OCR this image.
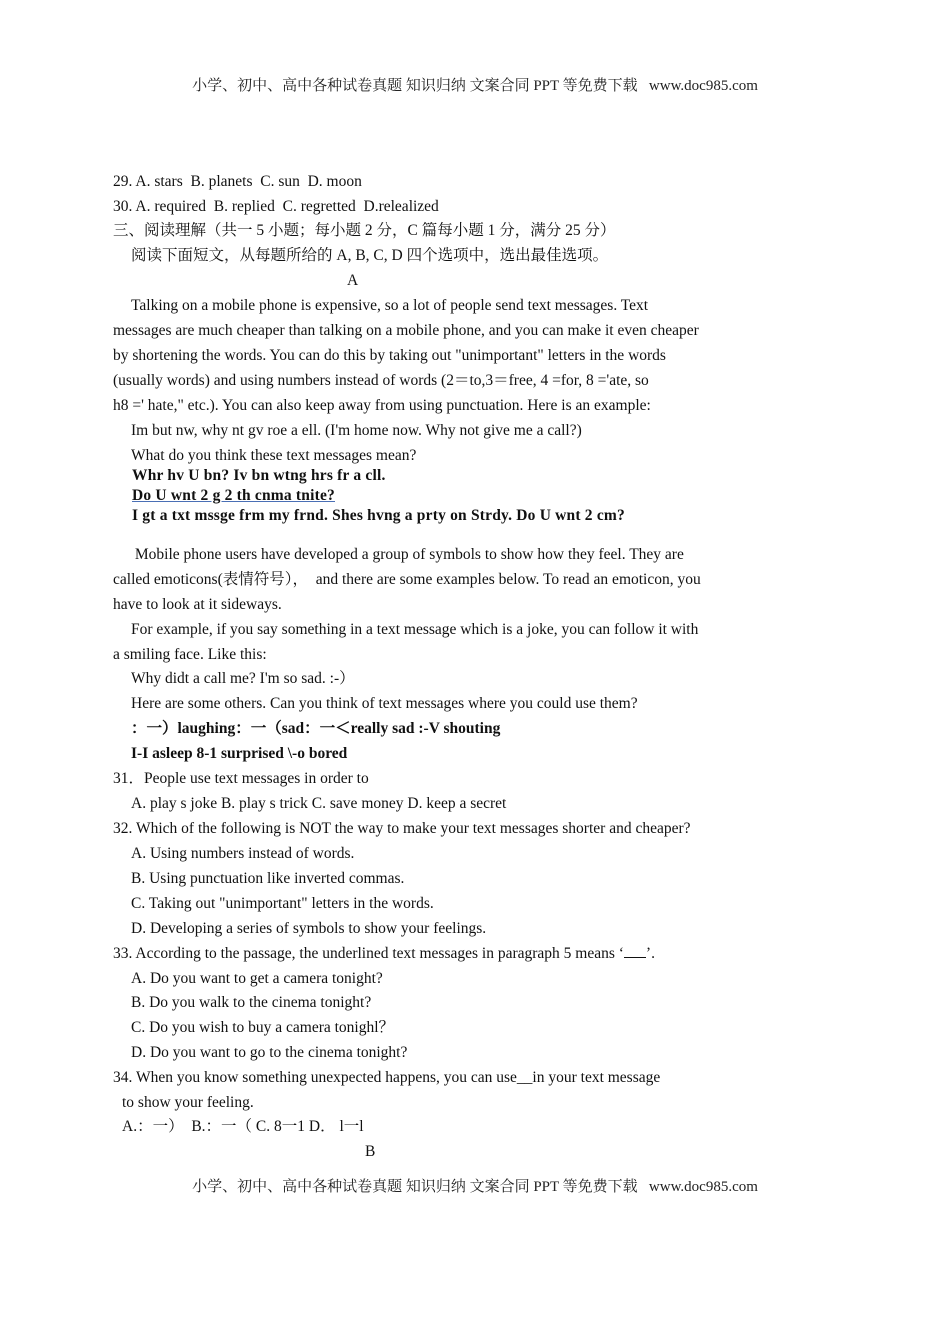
小学、初中、高中各种试卷真题 知识归纳 文案合同 PPT 等免费下载   www.doc985.com
29. A. stars  B. planets  C. sun  D. moon
30. A. required  B. replied  C. regretted  D.relealized
三、阅读理解（共一 5 小题；每小题 2 分，C 篇每小题 1 分，满分 25 分）
阅读下面短文，从每题所给的 A, B, C, D 四个选项中，选出最佳选项。
A
Talking on a mobile phone is expensive, so a lot of people send text messages. Text
messages are much cheaper than talking on a mobile phone, and you can make it even cheaper
by shortening the words. You can do this by taking out "unimportant" letters in the words
(usually words) and using numbers instead of words (2＝to,3＝free, 4 =for, 8 ='ate, so
h8 =' hate," etc.). You can also keep away from using punctuation. Here is an example:
Im but nw, why nt gv roe a ell. (I'm home now. Why not give me a call?)
What do you think these text messages mean?
Whr hv U bn? Iv bn wtng hrs fr a cll.
Do U wnt 2 g 2 th cnma tnite?
I gt a txt mssge frm my frnd. Shes hvng a prty on Strdy. Do U wnt 2 cm?
Mobile phone users have developed a group of symbols to show how they feel. They are
called emoticons(表情符号），  and there are some examples below. To read an emoticon, you
have to look at it sideways.
For example, if you say something in a text message which is a joke, you can follow it with
a smiling face. Like this:
Why didt a call me? I'm so sad. :-）
Here are some others. Can you think of text messages where you could use them?
：一）laughing：一（sad：一＜really sad :-V shouting
I-I asleep 8-1 surprised \-o bored
31．People use text messages in order to
A. play s joke B. play s trick C. save money D. keep a secret
32. Which of the following is NOT the way to make your text messages shorter and cheaper?
A. Using numbers instead of words.
B. Using punctuation like inverted commas.
C. Taking out "unimportant" letters in the words.
D. Developing a series of symbols to show your feelings.
33. According to the passage, the underlined text messages in paragraph 5 means ‘ ’.
A. Do you want to get a camera tonight?
B. Do you walk to the cinema tonight?
C. Do you wish to buy a camera tonighl？
D. Do you want to go to the cinema tonight?
34. When you know something unexpected happens, you can use__in your text message
to show your feeling.
A.：一）  B.：一（ C. 8一1 D． l一l
B
小学、初中、高中各种试卷真题 知识归纳 文案合同 PPT 等免费下载   www.doc985.com
